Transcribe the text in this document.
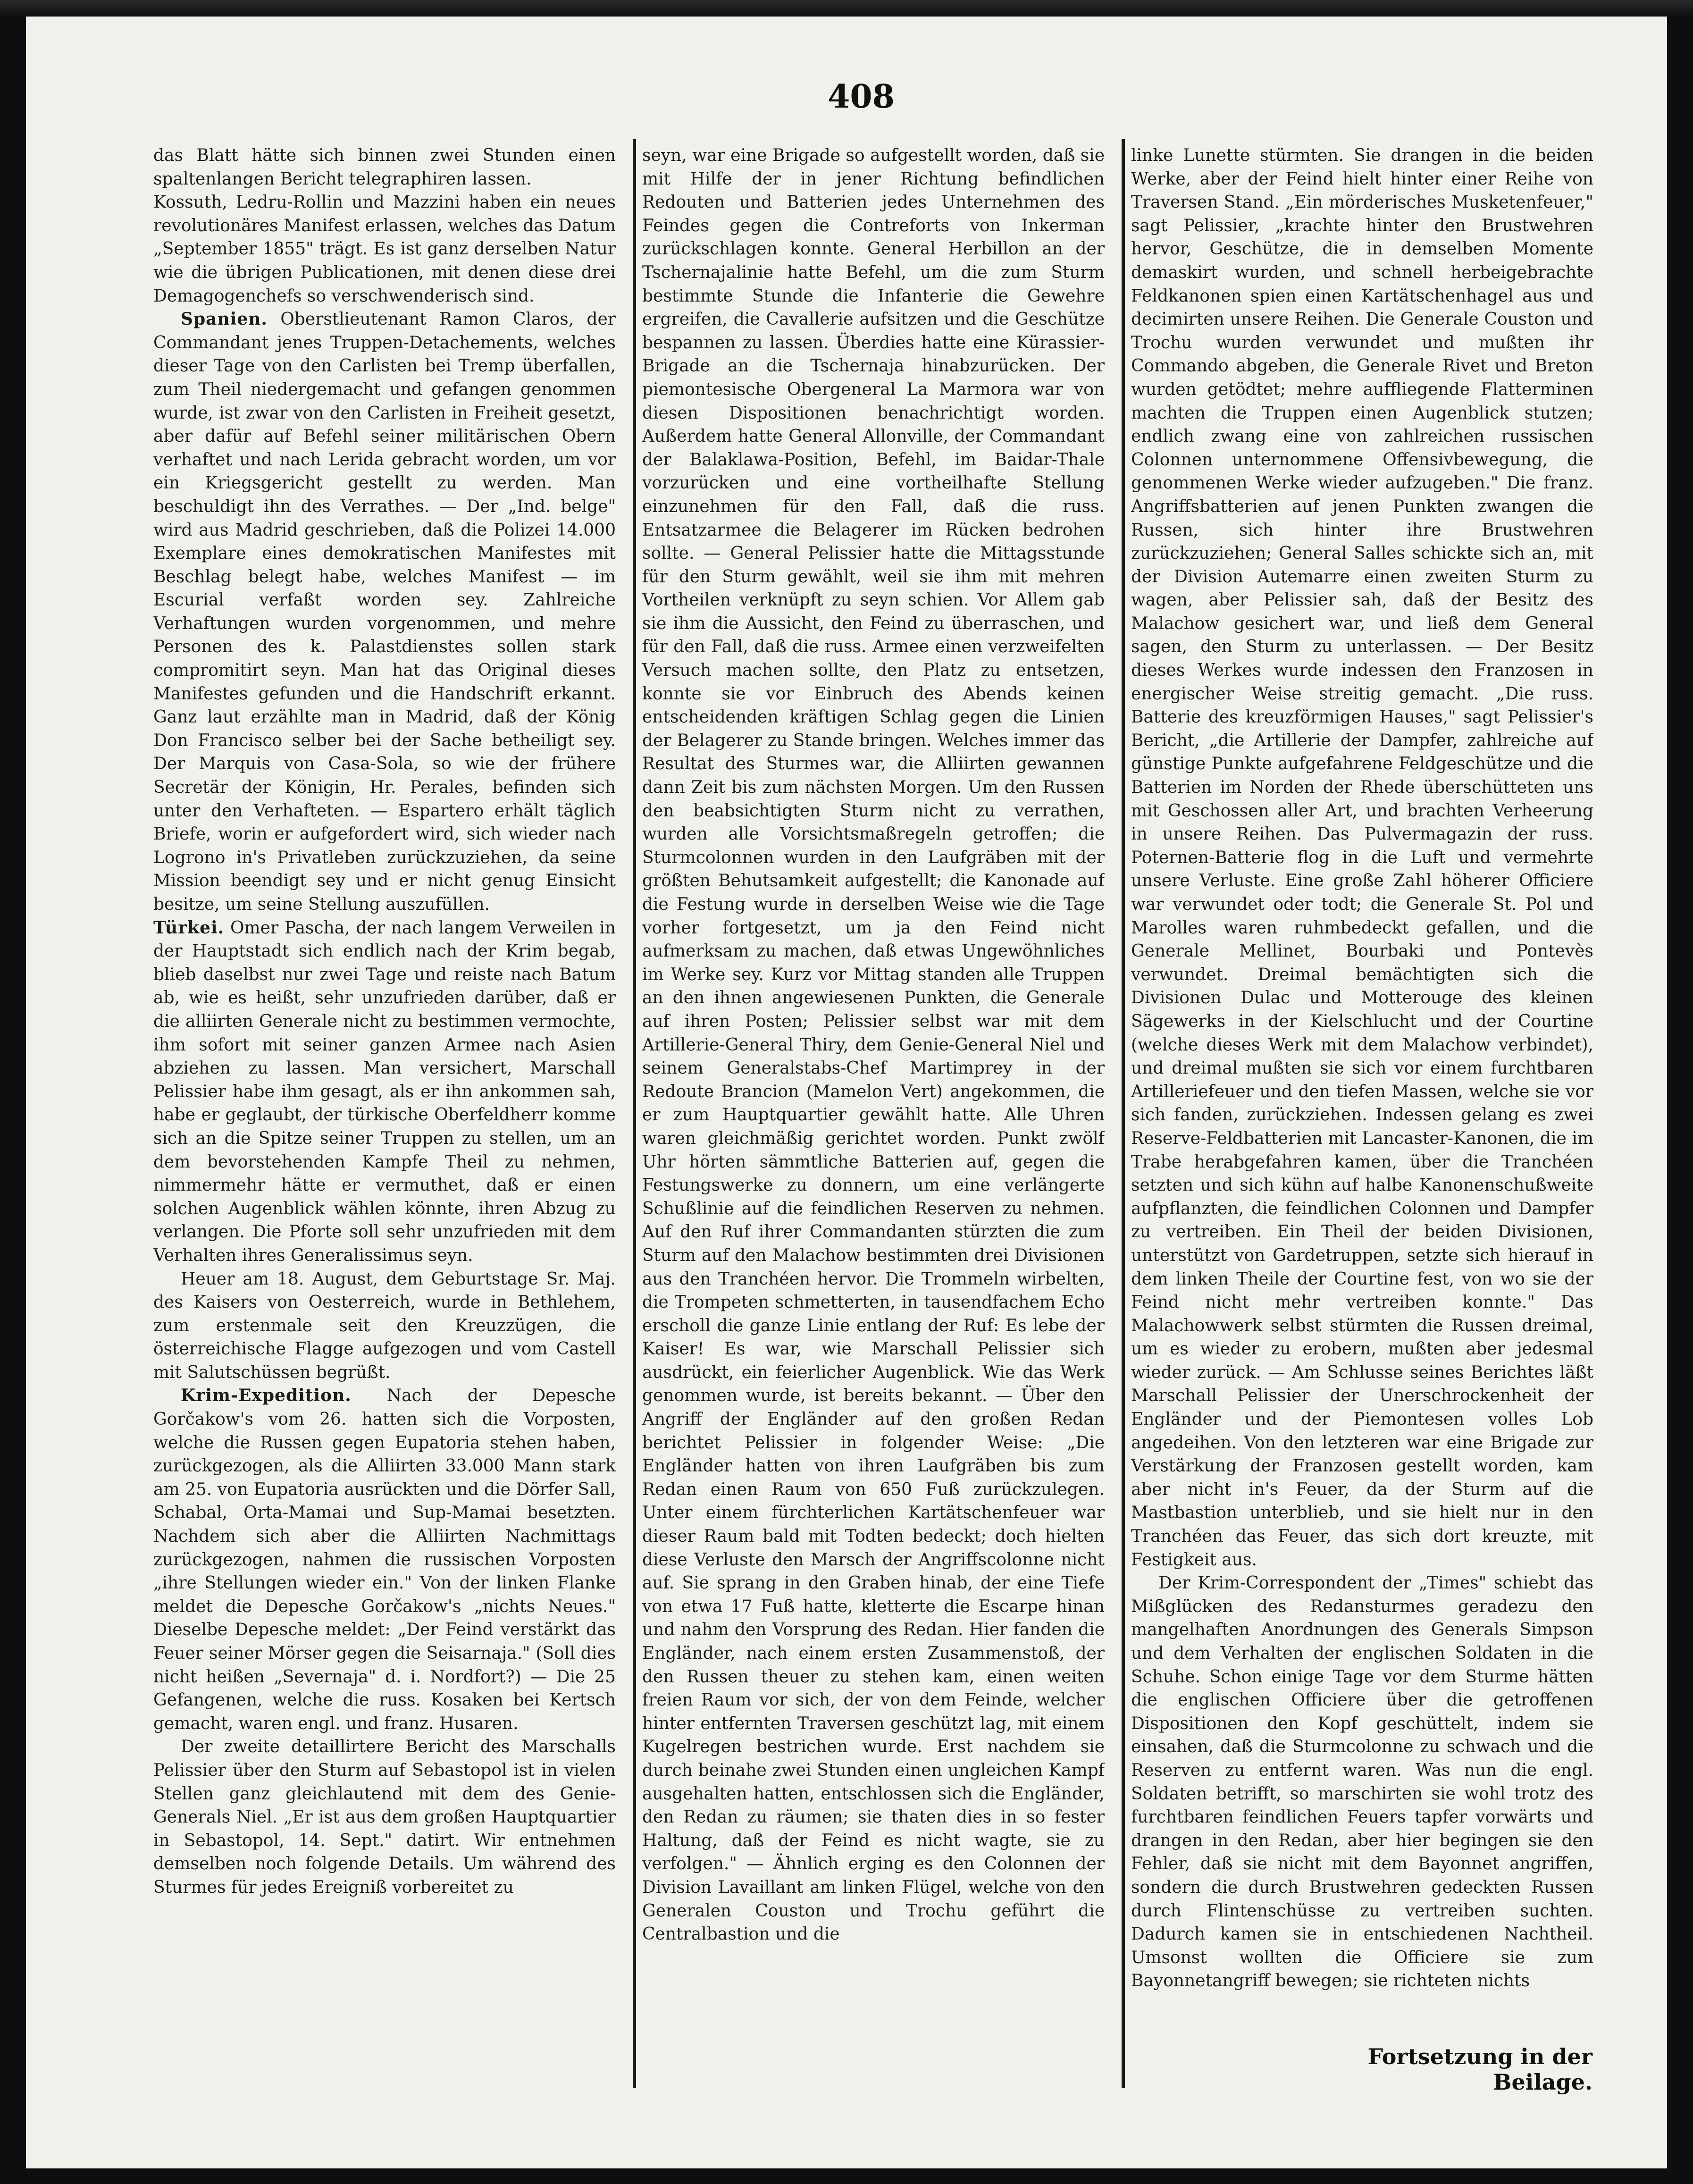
408

das Blatt hätte sich binnen zwei Stunden einen spaltenlangen Bericht telegraphiren lassen.

Kossuth, Ledru-Rollin und Mazzini haben ein neues revolutionäres Manifest erlassen, welches das Datum „September 1855" trägt. Es ist ganz derselben Natur wie die übrigen Publicationen, mit denen diese drei Demagogenchefs so verschwenderisch sind.

Spanien. Oberstlieutenant Ramon Claros, der Commandant jenes Truppen-Detachements, welches dieser Tage von den Carlisten bei Tremp überfallen, zum Theil niedergemacht und gefangen genommen wurde, ist zwar von den Carlisten in Freiheit gesetzt, aber dafür auf Befehl seiner militärischen Obern verhaftet und nach Lerida gebracht worden, um vor ein Kriegsgericht gestellt zu werden. Man beschuldigt ihn des Verrathes. — Der „Ind. belge" wird aus Madrid geschrieben, daß die Polizei 14.000 Exemplare eines demokratischen Manifestes mit Beschlag belegt habe, welches Manifest — im Escurial verfaßt worden sey. Zahlreiche Verhaftungen wurden vorgenommen, und mehre Personen des k. Palastdienstes sollen stark compromitirt seyn. Man hat das Original dieses Manifestes gefunden und die Handschrift erkannt. Ganz laut erzählte man in Madrid, daß der König Don Francisco selber bei der Sache betheiligt sey. Der Marquis von Casa-Sola, so wie der frühere Secretär der Königin, Hr. Perales, befinden sich unter den Verhafteten. — Espartero erhält täglich Briefe, worin er aufgefordert wird, sich wieder nach Logrono in's Privatleben zurückzuziehen, da seine Mission beendigt sey und er nicht genug Einsicht besitze, um seine Stellung auszufüllen.

Türkei. Omer Pascha, der nach langem Verweilen in der Hauptstadt sich endlich nach der Krim begab, blieb daselbst nur zwei Tage und reiste nach Batum ab, wie es heißt, sehr unzufrieden darüber, daß er die alliirten Generale nicht zu bestimmen vermochte, ihm sofort mit seiner ganzen Armee nach Asien abziehen zu lassen. Man versichert, Marschall Pelissier habe ihm gesagt, als er ihn ankommen sah, habe er geglaubt, der türkische Oberfeldherr komme sich an die Spitze seiner Truppen zu stellen, um an dem bevorstehenden Kampfe Theil zu nehmen, nimmermehr hätte er vermuthet, daß er einen solchen Augenblick wählen könnte, ihren Abzug zu verlangen. Die Pforte soll sehr unzufrieden mit dem Verhalten ihres Generalissimus seyn.

Heuer am 18. August, dem Geburtstage Sr. Maj. des Kaisers von Oesterreich, wurde in Bethlehem, zum erstenmale seit den Kreuzzügen, die österreichische Flagge aufgezogen und vom Castell mit Salutschüssen begrüßt.

Krim-Expedition. Nach der Depesche Gorčakow's vom 26. hatten sich die Vorposten, welche die Russen gegen Eupatoria stehen haben, zurückgezogen, als die Alliirten 33.000 Mann stark am 25. von Eupatoria ausrückten und die Dörfer Sall, Schabal, Orta-Mamai und Sup-Mamai besetzten. Nachdem sich aber die Alliirten Nachmittags zurückgezogen, nahmen die russischen Vorposten „ihre Stellungen wieder ein." Von der linken Flanke meldet die Depesche Gorčakow's „nichts Neues." Dieselbe Depesche meldet: „Der Feind verstärkt das Feuer seiner Mörser gegen die Seisarnaja." (Soll dies nicht heißen „Severnaja" d. i. Nordfort?) — Die 25 Gefangenen, welche die russ. Kosaken bei Kertsch gemacht, waren engl. und franz. Husaren.

Der zweite detaillirtere Bericht des Marschalls Pelissier über den Sturm auf Sebastopol ist in vielen Stellen ganz gleichlautend mit dem des Genie-Generals Niel. „Er ist aus dem großen Hauptquartier in Sebastopol, 14. Sept." datirt. Wir entnehmen demselben noch folgende Details. Um während des Sturmes für jedes Ereigniß vorbereitet zu

seyn, war eine Brigade so aufgestellt worden, daß sie mit Hilfe der in jener Richtung befindlichen Redouten und Batterien jedes Unternehmen des Feindes gegen die Contreforts von Inkerman zurückschlagen konnte. General Herbillon an der Tschernajalinie hatte Befehl, um die zum Sturm bestimmte Stunde die Infanterie die Gewehre ergreifen, die Cavallerie aufsitzen und die Geschütze bespannen zu lassen. Überdies hatte eine Kürassier-Brigade an die Tschernaja hinabzurücken. Der piemontesische Obergeneral La Marmora war von diesen Dispositionen benachrichtigt worden. Außerdem hatte General Allonville, der Commandant der Balaklawa-Position, Befehl, im Baidar-Thale vorzurücken und eine vortheilhafte Stellung einzunehmen für den Fall, daß die russ. Entsatzarmee die Belagerer im Rücken bedrohen sollte. — General Pelissier hatte die Mittagsstunde für den Sturm gewählt, weil sie ihm mit mehren Vortheilen verknüpft zu seyn schien. Vor Allem gab sie ihm die Aussicht, den Feind zu überraschen, und für den Fall, daß die russ. Armee einen verzweifelten Versuch machen sollte, den Platz zu entsetzen, konnte sie vor Einbruch des Abends keinen entscheidenden kräftigen Schlag gegen die Linien der Belagerer zu Stande bringen. Welches immer das Resultat des Sturmes war, die Alliirten gewannen dann Zeit bis zum nächsten Morgen. Um den Russen den beabsichtigten Sturm nicht zu verrathen, wurden alle Vorsichtsmaßregeln getroffen; die Sturmcolonnen wurden in den Laufgräben mit der größten Behutsamkeit aufgestellt; die Kanonade auf die Festung wurde in derselben Weise wie die Tage vorher fortgesetzt, um ja den Feind nicht aufmerksam zu machen, daß etwas Ungewöhnliches im Werke sey. Kurz vor Mittag standen alle Truppen an den ihnen angewiesenen Punkten, die Generale auf ihren Posten; Pelissier selbst war mit dem Artillerie-General Thiry, dem Genie-General Niel und seinem Generalstabs-Chef Martimprey in der Redoute Brancion (Mamelon Vert) angekommen, die er zum Hauptquartier gewählt hatte. Alle Uhren waren gleichmäßig gerichtet worden. Punkt zwölf Uhr hörten sämmtliche Batterien auf, gegen die Festungswerke zu donnern, um eine verlängerte Schußlinie auf die feindlichen Reserven zu nehmen. Auf den Ruf ihrer Commandanten stürzten die zum Sturm auf den Malachow bestimmten drei Divisionen aus den Tranchéen hervor. Die Trommeln wirbelten, die Trompeten schmetterten, in tausendfachem Echo erscholl die ganze Linie entlang der Ruf: Es lebe der Kaiser! Es war, wie Marschall Pelissier sich ausdrückt, ein feierlicher Augenblick. Wie das Werk genommen wurde, ist bereits bekannt. — Über den Angriff der Engländer auf den großen Redan berichtet Pelissier in folgender Weise: „Die Engländer hatten von ihren Laufgräben bis zum Redan einen Raum von 650 Fuß zurückzulegen. Unter einem fürchterlichen Kartätschenfeuer war dieser Raum bald mit Todten bedeckt; doch hielten diese Verluste den Marsch der Angriffscolonne nicht auf. Sie sprang in den Graben hinab, der eine Tiefe von etwa 17 Fuß hatte, kletterte die Escarpe hinan und nahm den Vorsprung des Redan. Hier fanden die Engländer, nach einem ersten Zusammenstoß, der den Russen theuer zu stehen kam, einen weiten freien Raum vor sich, der von dem Feinde, welcher hinter entfernten Traversen geschützt lag, mit einem Kugelregen bestrichen wurde. Erst nachdem sie durch beinahe zwei Stunden einen ungleichen Kampf ausgehalten hatten, entschlossen sich die Engländer, den Redan zu räumen; sie thaten dies in so fester Haltung, daß der Feind es nicht wagte, sie zu verfolgen." — Ähnlich erging es den Colonnen der Division Lavaillant am linken Flügel, welche von den Generalen Couston und Trochu geführt die Centralbastion und die

linke Lunette stürmten. Sie drangen in die beiden Werke, aber der Feind hielt hinter einer Reihe von Traversen Stand. „Ein mörderisches Musketenfeuer," sagt Pelissier, „krachte hinter den Brustwehren hervor, Geschütze, die in demselben Momente demaskirt wurden, und schnell herbeigebrachte Feldkanonen spien einen Kartätschenhagel aus und decimirten unsere Reihen. Die Generale Couston und Trochu wurden verwundet und mußten ihr Commando abgeben, die Generale Rivet und Breton wurden getödtet; mehre auffliegende Flatterminen machten die Truppen einen Augenblick stutzen; endlich zwang eine von zahlreichen russischen Colonnen unternommene Offensivbewegung, die genommenen Werke wieder aufzugeben." Die franz. Angriffsbatterien auf jenen Punkten zwangen die Russen, sich hinter ihre Brustwehren zurückzuziehen; General Salles schickte sich an, mit der Division Autemarre einen zweiten Sturm zu wagen, aber Pelissier sah, daß der Besitz des Malachow gesichert war, und ließ dem General sagen, den Sturm zu unterlassen. — Der Besitz dieses Werkes wurde indessen den Franzosen in energischer Weise streitig gemacht. „Die russ. Batterie des kreuzförmigen Hauses," sagt Pelissier's Bericht, „die Artillerie der Dampfer, zahlreiche auf günstige Punkte aufgefahrene Feldgeschütze und die Batterien im Norden der Rhede überschütteten uns mit Geschossen aller Art, und brachten Verheerung in unsere Reihen. Das Pulvermagazin der russ. Poternen-Batterie flog in die Luft und vermehrte unsere Verluste. Eine große Zahl höherer Officiere war verwundet oder todt; die Generale St. Pol und Marolles waren ruhmbedeckt gefallen, und die Generale Mellinet, Bourbaki und Pontevès verwundet. Dreimal bemächtigten sich die Divisionen Dulac und Motterouge des kleinen Sägewerks in der Kielschlucht und der Courtine (welche dieses Werk mit dem Malachow verbindet), und dreimal mußten sie sich vor einem furchtbaren Artilleriefeuer und den tiefen Massen, welche sie vor sich fanden, zurückziehen. Indessen gelang es zwei Reserve-Feldbatterien mit Lancaster-Kanonen, die im Trabe herabgefahren kamen, über die Tranchéen setzten und sich kühn auf halbe Kanonenschußweite aufpflanzten, die feindlichen Colonnen und Dampfer zu vertreiben. Ein Theil der beiden Divisionen, unterstützt von Gardetruppen, setzte sich hierauf in dem linken Theile der Courtine fest, von wo sie der Feind nicht mehr vertreiben konnte." Das Malachowwerk selbst stürmten die Russen dreimal, um es wieder zu erobern, mußten aber jedesmal wieder zurück. — Am Schlusse seines Berichtes läßt Marschall Pelissier der Unerschrockenheit der Engländer und der Piemontesen volles Lob angedeihen. Von den letzteren war eine Brigade zur Verstärkung der Franzosen gestellt worden, kam aber nicht in's Feuer, da der Sturm auf die Mastbastion unterblieb, und sie hielt nur in den Tranchéen das Feuer, das sich dort kreuzte, mit Festigkeit aus.

Der Krim-Correspondent der „Times" schiebt das Mißglücken des Redansturmes geradezu den mangelhaften Anordnungen des Generals Simpson und dem Verhalten der englischen Soldaten in die Schuhe. Schon einige Tage vor dem Sturme hätten die englischen Officiere über die getroffenen Dispositionen den Kopf geschüttelt, indem sie einsahen, daß die Sturmcolonne zu schwach und die Reserven zu entfernt waren. Was nun die engl. Soldaten betrifft, so marschirten sie wohl trotz des furchtbaren feindlichen Feuers tapfer vorwärts und drangen in den Redan, aber hier begingen sie den Fehler, daß sie nicht mit dem Bayonnet angriffen, sondern die durch Brustwehren gedeckten Russen durch Flintenschüsse zu vertreiben suchten. Dadurch kamen sie in entschiedenen Nachtheil. Umsonst wollten die Officiere sie zum Bayonnetangriff bewegen; sie richteten nichts

Fortsetzung in der Beilage.
